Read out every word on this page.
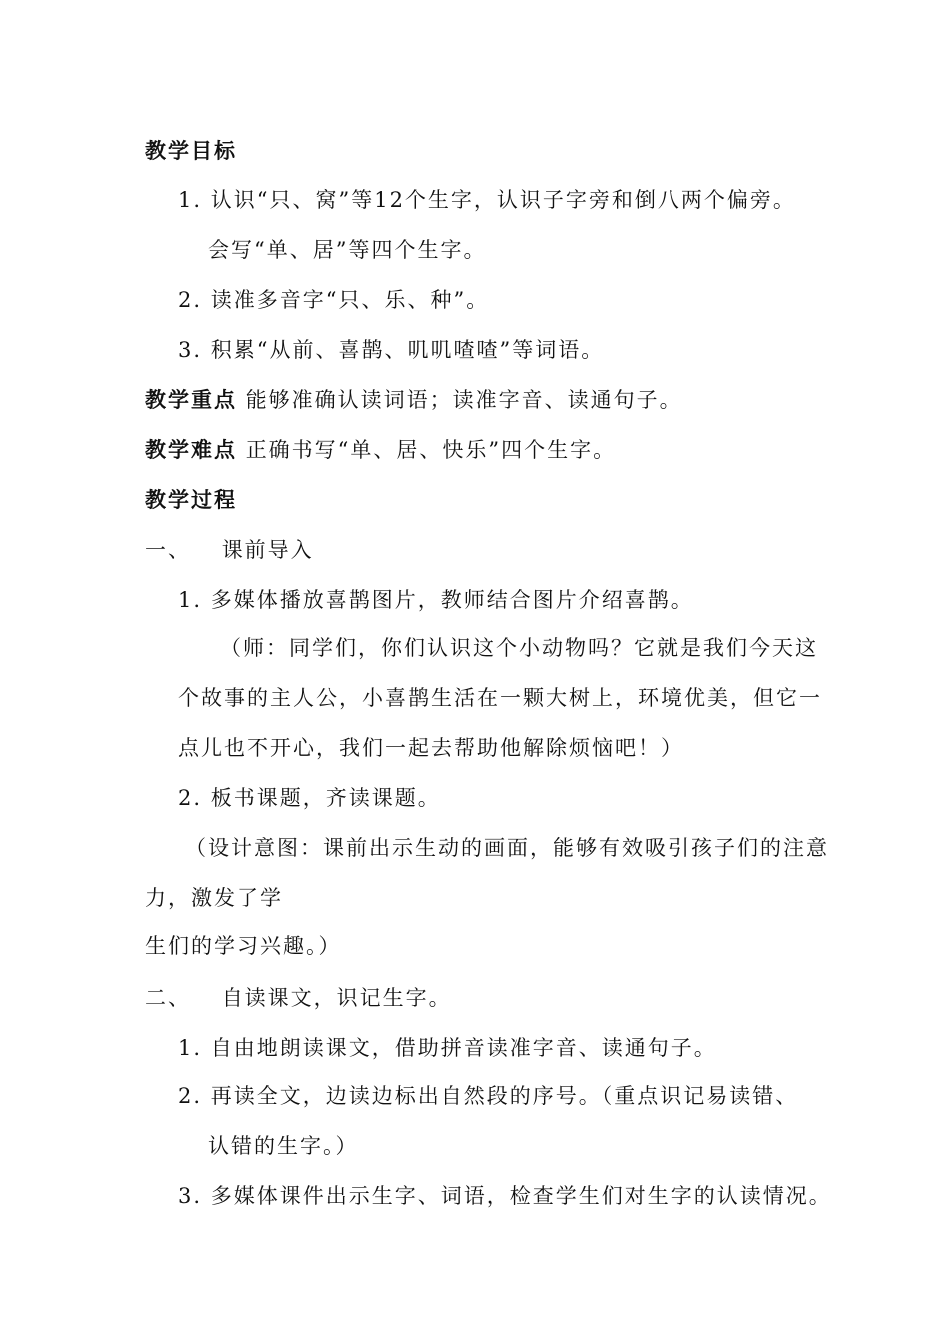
教学目标
1. 认识“只、窝”等12个生字，认识子字旁和倒八两个偏旁。
会写“单、居”等四个生字。
2. 读准多音字“只、乐、种”。
3. 积累“从前、喜鹊、叽叽喳喳”等词语。
教学重点 能够准确认读词语；读准字音、读通句子。
教学难点 正确书写“单、居、快乐”四个生字。
教学过程
一、 课前导入
1. 多媒体播放喜鹊图片，教师结合图片介绍喜鹊。
（师：同学们，你们认识这个小动物吗？它就是我们今天这
个故事的主人公，小喜鹊生活在一颗大树上，环境优美，但它一
点儿也不开心，我们一起去帮助他解除烦恼吧！）
2. 板书课题，齐读课题。
（设计意图：课前出示生动的画面，能够有效吸引孩子们的注意
力，激发了学
生们的学习兴趣。）
二、 自读课文，识记生字。
1. 自由地朗读课文，借助拼音读准字音、读通句子。
2. 再读全文，边读边标出自然段的序号。（重点识记易读错、
认错的生字。）
3. 多媒体课件出示生字、词语，检查学生们对生字的认读情况。
